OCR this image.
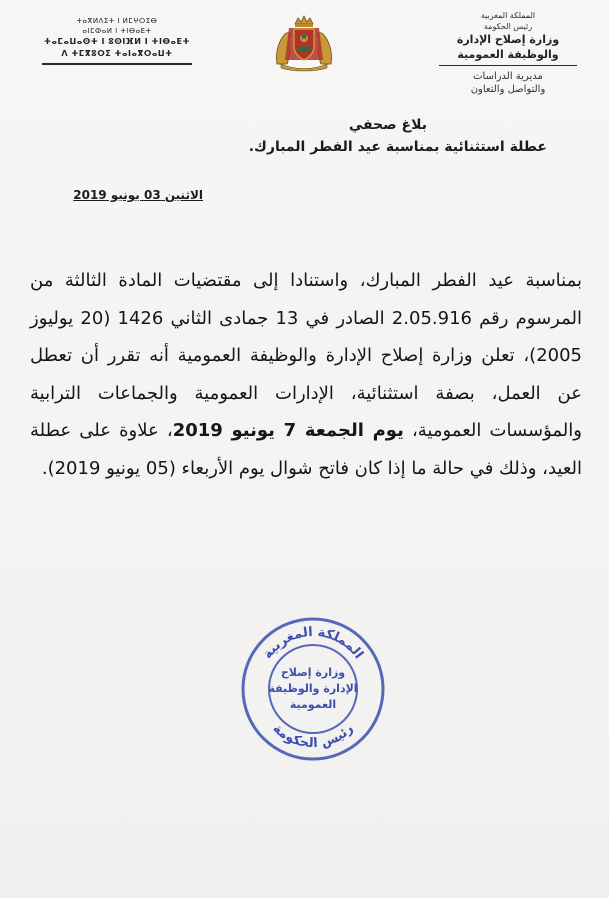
المملكة المغربية
رئيس الحكومة
وزارة إصلاح الإدارة
والوظيفة العمومية
مديرية الدراسات
والتواصل والتعاون
ⵜⴰⴳⵍⴷⵉⵜ ⵏ ⵍⵎⵖⵔⵉⴱ
ⴰⵏⵎⵀⴰⵍ ⵏ ⵜⵏⴱⴰⴹⵜ
ⵜⴰⵎⴰⵡⴰⵙⵜ ⵏ ⵓⵙⵏⴼⵍ ⵏ ⵜⵏⴱⴰⴹⵜ
ⴷ ⵜⵎⴳⵓⵔⵉ ⵜⴰⵏⴰⴳⵔⴰⵡⵜ
بلاغ صحفي
عطلة استثنائية بمناسبة عيد الفطر المبارك.
الاثنين 03 يونيو 2019
بمناسبة عيد الفطر المبارك، واستنادا إلى مقتضيات المادة الثالثة من المرسوم رقم 2.05.916 الصادر في 13 جمادى الثاني 1426 (20 يوليوز 2005)، تعلن وزارة إصلاح الإدارة والوظيفة العمومية أنه تقرر أن تعطل عن العمل، بصفة استثنائية، الإدارات العمومية والجماعات الترابية والمؤسسات العمومية، يوم الجمعة 7 يونيو 2019، علاوة على عطلة العيد، وذلك في حالة ما إذا كان فاتح شوال يوم الأربعاء (05 يونيو 2019).
المملكة المغربية
رئيس الحكومة
وزارة إصلاح
الإدارة والوظيفة
العمومية
